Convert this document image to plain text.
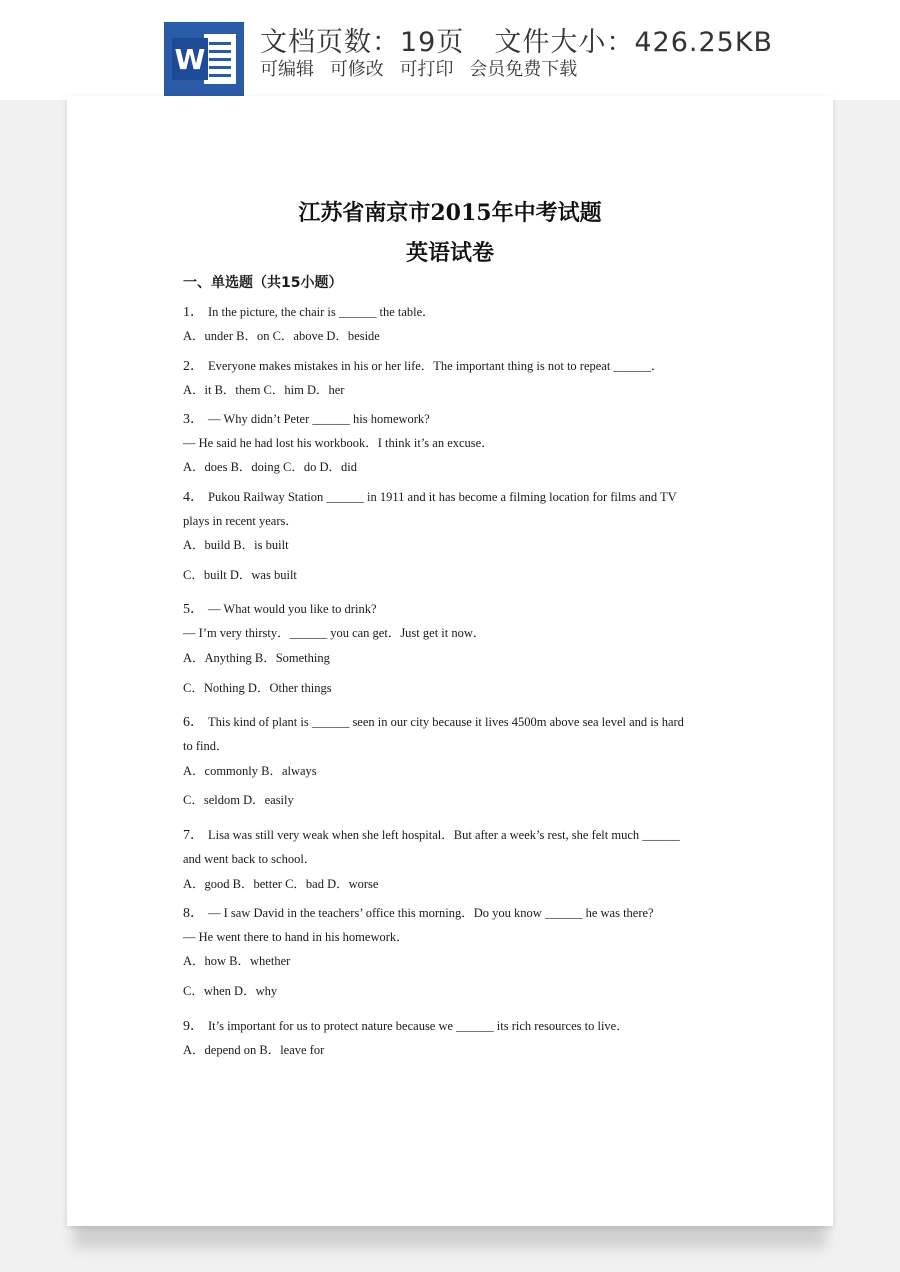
W
文档页数：19页 文件大小：426.25KB
可编辑 可修改 可打印 会员免费下载
江苏省南京市2015年中考试题
英语试卷
一、单选题（共15小题）
1． In the picture, the chair is ______ the table．
A．under B．on C．above D．beside
2． Everyone makes mistakes in his or her life．The important thing is not to repeat ______．
A．it B．them C．him D．her
3． — Why didn’t Peter ______ his homework?
— He said he had lost his workbook．I think it’s an excuse．
A．does B．doing C．do D．did
4． Pukou Railway Station ______ in 1911 and it has become a filming location for films and TV
plays in recent years．
A．build B．is built
C．built D．was built
5． — What would you like to drink?
— I’m very thirsty．______ you can get．Just get it now．
A．Anything B．Something
C．Nothing D．Other things
6． This kind of plant is ______ seen in our city because it lives 4500m above sea level and is hard
to find．
A．commonly B．always
C．seldom D．easily
7． Lisa was still very weak when she left hospital．But after a week’s rest, she felt much ______
and went back to school．
A．good B．better C．bad D．worse
8． — I saw David in the teachers’ office this morning．Do you know ______ he was there?
— He went there to hand in his homework．
A．how B．whether
C．when D．why
9． It’s important for us to protect nature because we ______ its rich resources to live．
A．depend on B．leave for
